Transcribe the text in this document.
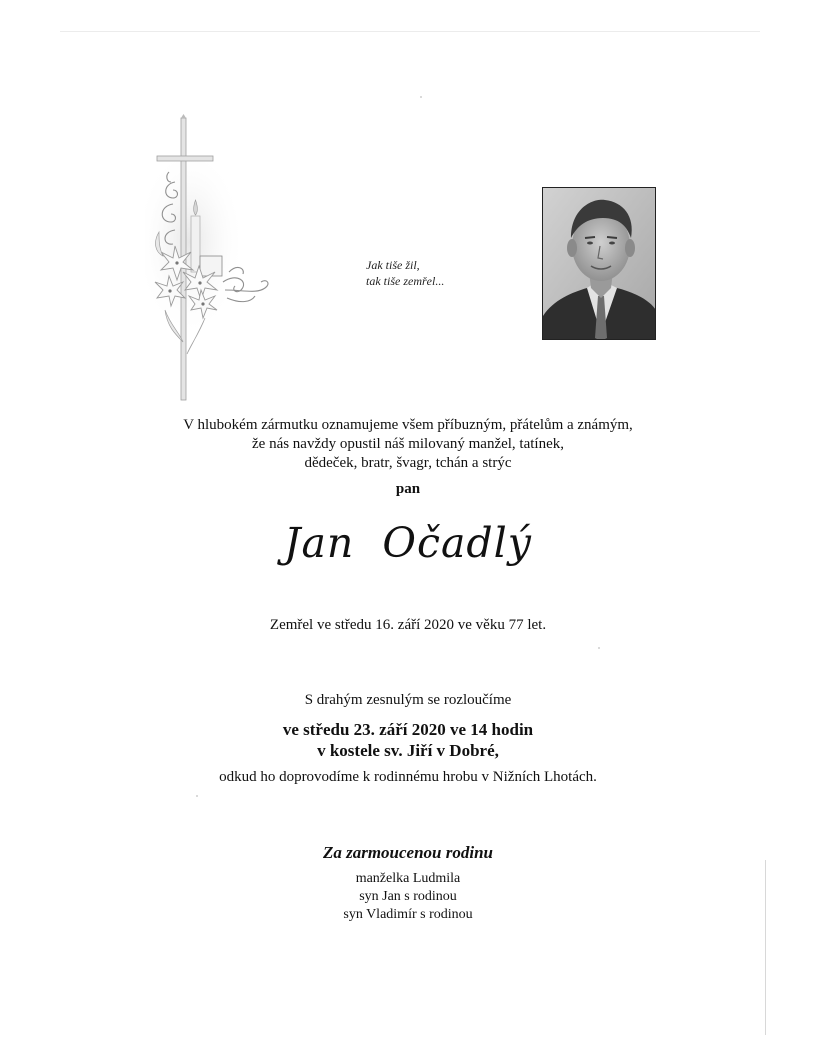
Jak tiše žil,
tak tiše zemřel...
V hlubokém zármutku oznamujeme všem příbuzným, přátelům a známým,
že nás navždy opustil náš milovaný manžel, tatínek,
dědeček, bratr, švagr, tchán a strýc
pan
Jan  Očadlý
Zemřel ve středu 16. září 2020 ve věku 77 let.
S drahým zesnulým se rozloučíme
ve středu 23. září 2020 ve 14 hodin
v kostele sv. Jiří v Dobré,
odkud ho doprovodíme k rodinnému hrobu v Nižních Lhotách.
Za zarmoucenou rodinu
manželka Ludmila
syn Jan s rodinou
syn Vladimír s rodinou
